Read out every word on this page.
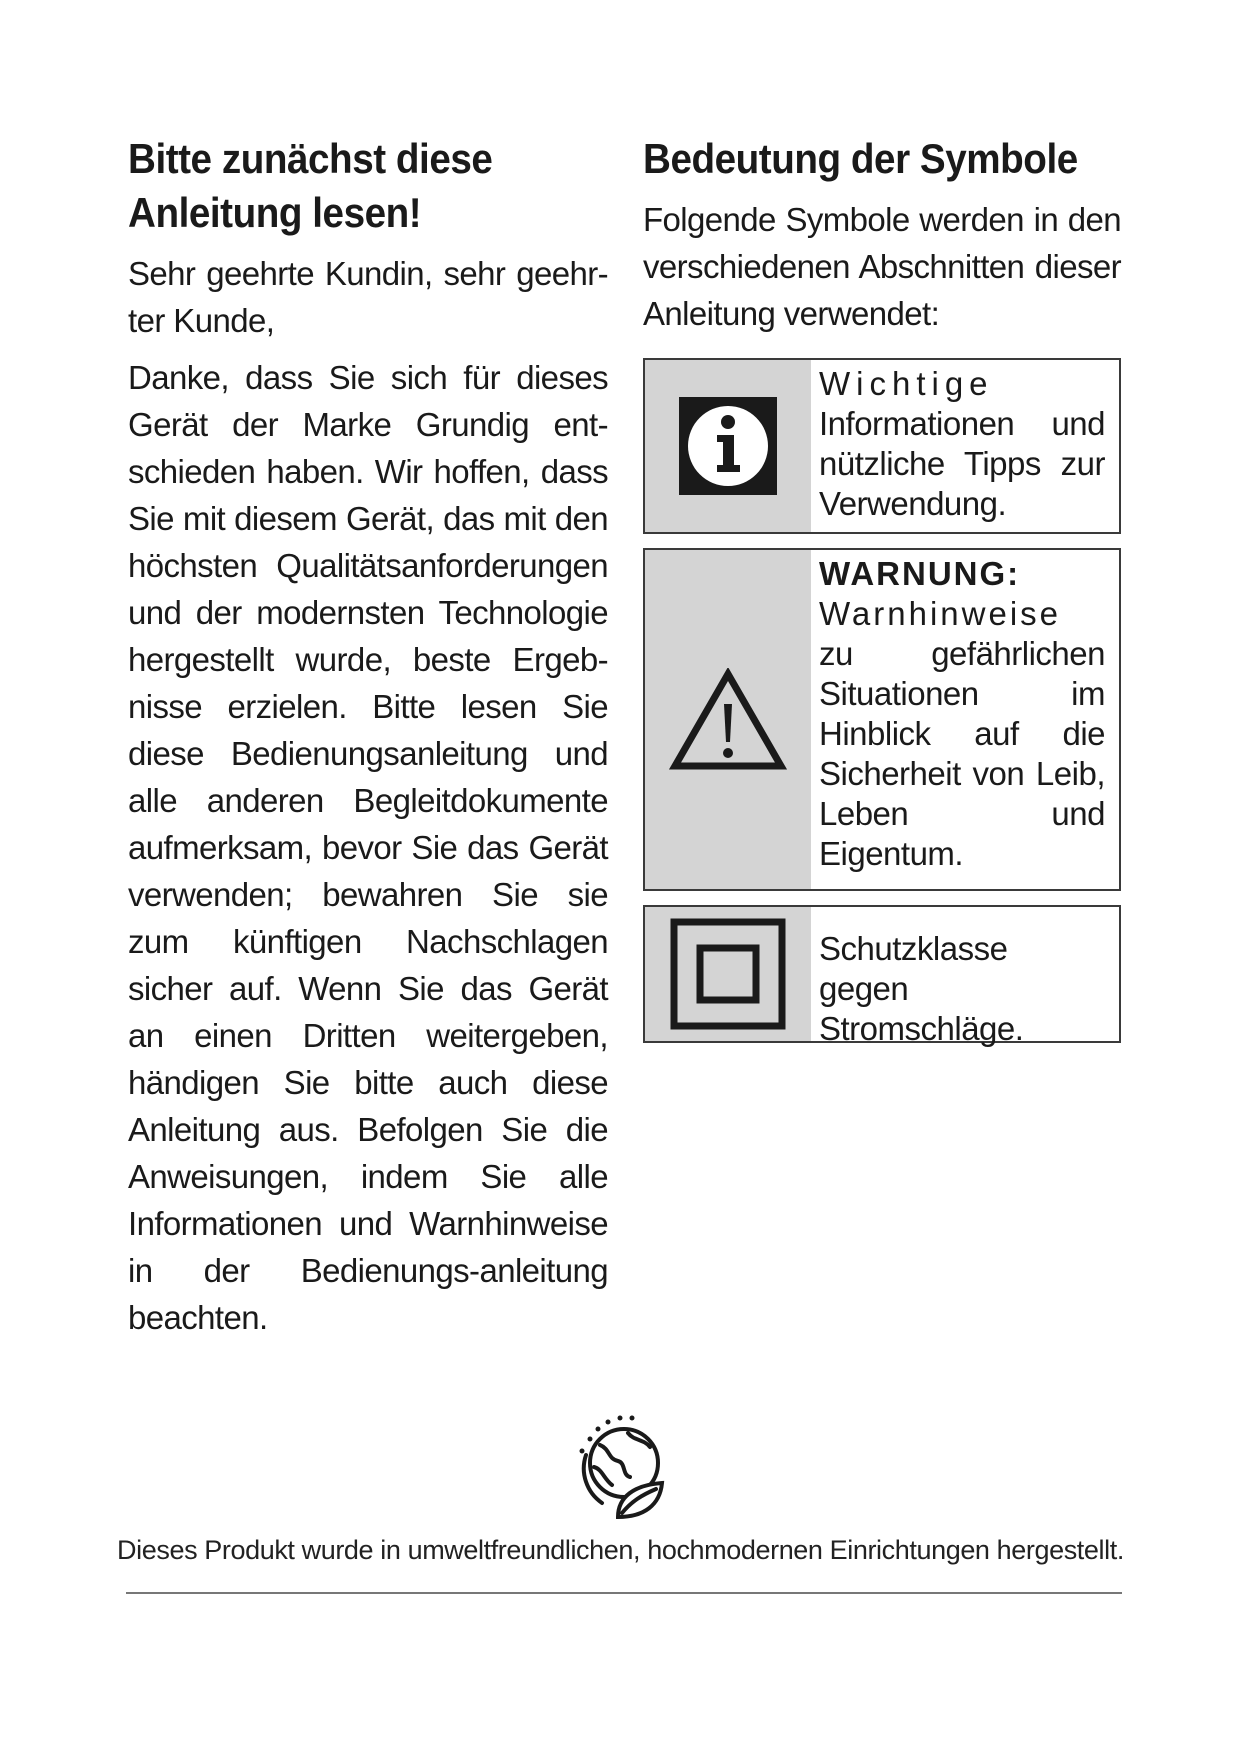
Bitte zunächst diese
Anleitung lesen!

Sehr geehrte Kundin, sehr geehr-ter Kunde,

Danke, dass Sie sich für dieses Gerät der Marke Grundig ent-schieden haben. Wir hoffen, dass Sie mit diesem Gerät, das mit den höchsten Qualitätsanforderungen und der modernsten Technologie hergestellt wurde, beste Ergeb-nisse erzielen. Bitte lesen Sie diese Bedienungsanleitung und alle anderen Begleitdokumente aufmerksam, bevor Sie das Gerät verwenden; bewahren Sie sie zum künftigen Nachschlagen sicher auf. Wenn Sie das Gerät an einen Dritten weitergeben, händigen Sie bitte auch diese Anleitung aus. Befolgen Sie die Anweisungen, indem Sie alle Informationen und Warnhinweise in der Bedienungs-anleitung beachten.

Bedeutung der Symbole

Folgende Symbole werden in den verschiedenen Abschnitten dieser Anleitung verwendet:

Wichtige
Informationen und nützliche Tipps zur Verwendung.
WARNUNG:
Warnhinweise
zu gefährlichen Situationen im Hinblick auf die Sicherheit von Leib, Leben und Eigentum.
Schutzklasse gegen Stromschläge.
Dieses Produkt wurde in umweltfreundlichen, hochmodernen Einrichtungen hergestellt.
